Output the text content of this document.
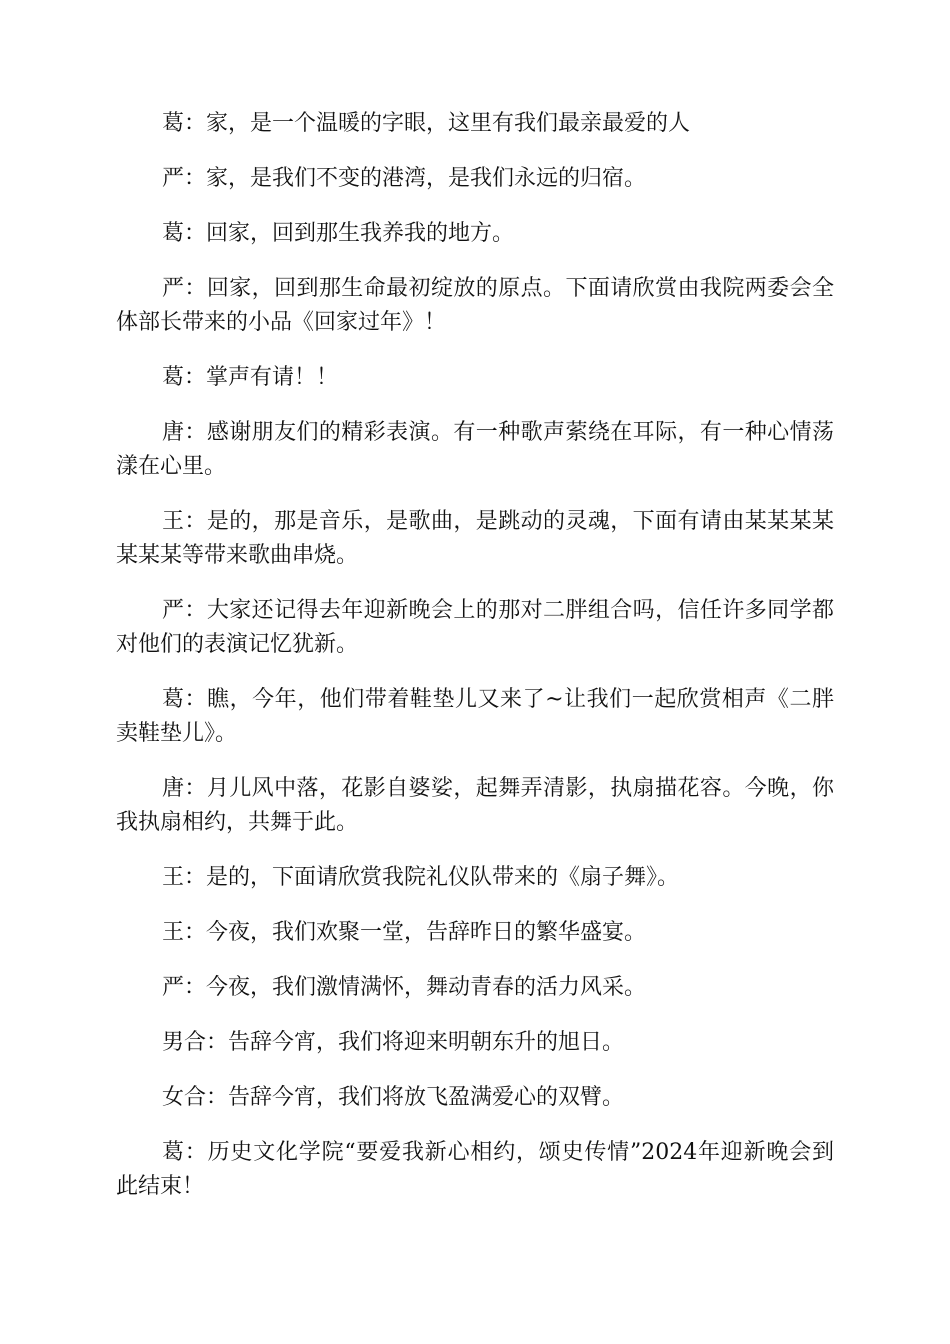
葛：家，是一个温暖的字眼，这里有我们最亲最爱的人

严：家，是我们不变的港湾，是我们永远的归宿。

葛：回家，回到那生我养我的地方。

严：回家，回到那生命最初绽放的原点。下面请欣赏由我院两委会全体部长带来的小品《回家过年》！

葛：掌声有请！！

唐：感谢朋友们的精彩表演。有一种歌声萦绕在耳际，有一种心情荡漾在心里。

王：是的，那是音乐，是歌曲，是跳动的灵魂，下面有请由某某某某某某某等带来歌曲串烧。

严：大家还记得去年迎新晚会上的那对二胖组合吗，信任许多同学都对他们的表演记忆犹新。

葛：瞧，今年，他们带着鞋垫儿又来了~让我们一起欣赏相声《二胖卖鞋垫儿》。

唐：月儿风中落，花影自婆娑，起舞弄清影，执扇描花容。今晚，你我执扇相约，共舞于此。

王：是的，下面请欣赏我院礼仪队带来的《扇子舞》。

王：今夜，我们欢聚一堂，告辞昨日的繁华盛宴。

严：今夜，我们激情满怀，舞动青春的活力风采。

男合：告辞今宵，我们将迎来明朝东升的旭日。

女合：告辞今宵，我们将放飞盈满爱心的双臂。

葛：历史文化学院“要爱我新心相约，颂史传情”2024年迎新晚会到此结束！
